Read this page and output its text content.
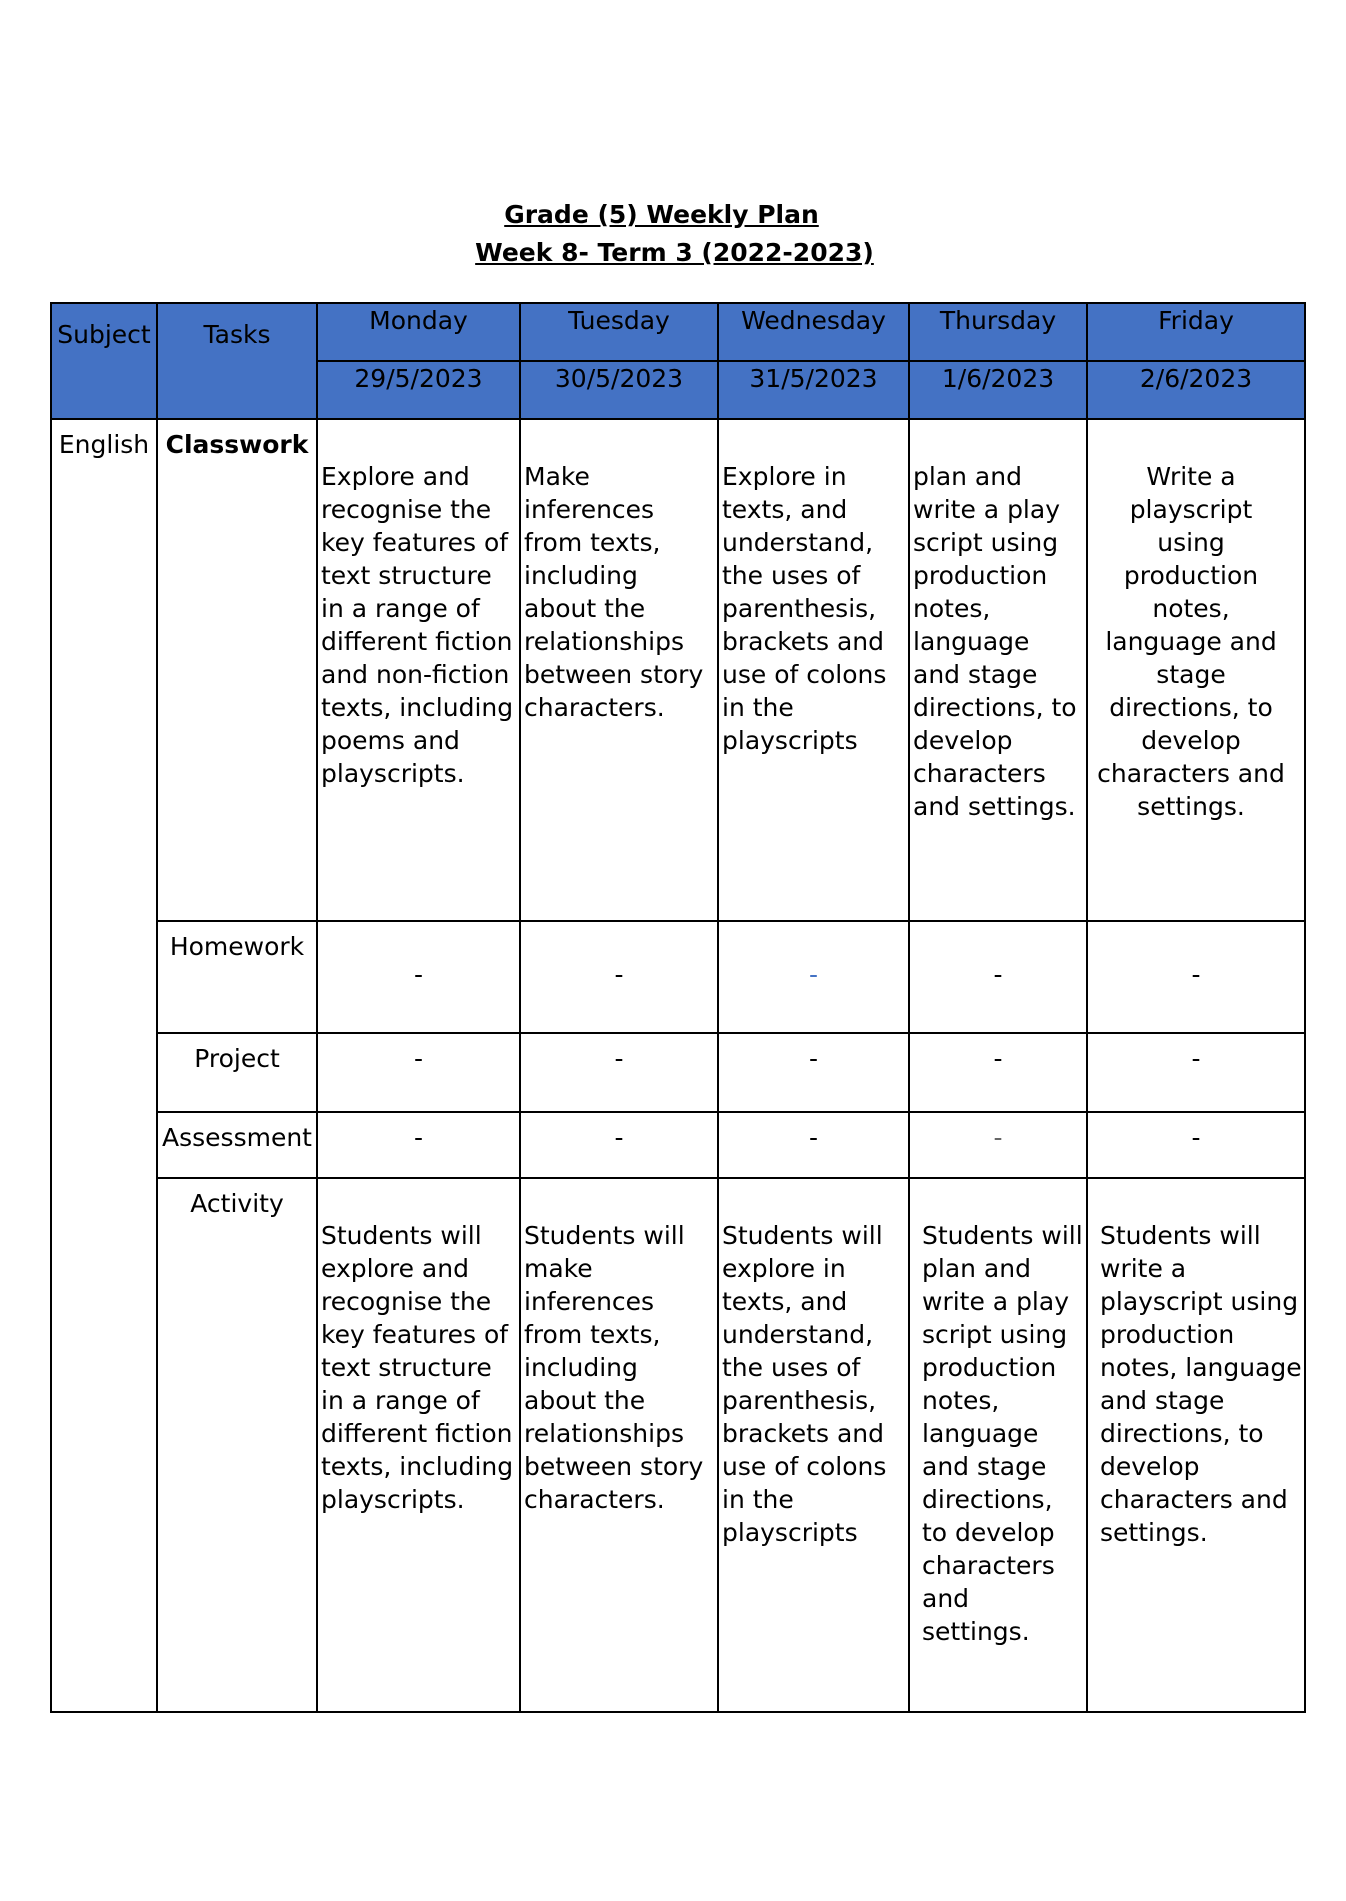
Grade (5) Weekly Plan
Week 8- Term 3 (2022-2023)
Subject	Tasks	Monday	Tuesday	Wednesday	Thursday	Friday
		29/5/2023	30/5/2023	31/5/2023	1/6/2023	2/6/2023
English	Classwork	Explore and recognise the key features of text structure in a range of different fiction and non-fiction texts, including poems and playscripts.	Make inferences from texts, including about the relationships between story characters.	Explore in texts, and understand, the uses of parenthesis, brackets and use of colons in the playscripts	plan and write a play script using production notes, language and stage directions, to develop characters and settings.	Write a playscript using production notes, language and stage directions, to develop characters and settings.
	Homework	-	-	-	-	-
	Project	-	-	-	-	-
	Assessment	-	-	-	-	-
	Activity	Students will explore and recognise the key features of text structure in a range of different fiction texts, including playscripts.	Students will make inferences from texts, including about the relationships between story characters.	Students will explore in texts, and understand, the uses of parenthesis, brackets and use of colons in the playscripts	Students will plan and write a play script using production notes, language and stage directions, to develop characters and settings.	Students will write a playscript using production notes, language and stage directions, to develop characters and settings.
